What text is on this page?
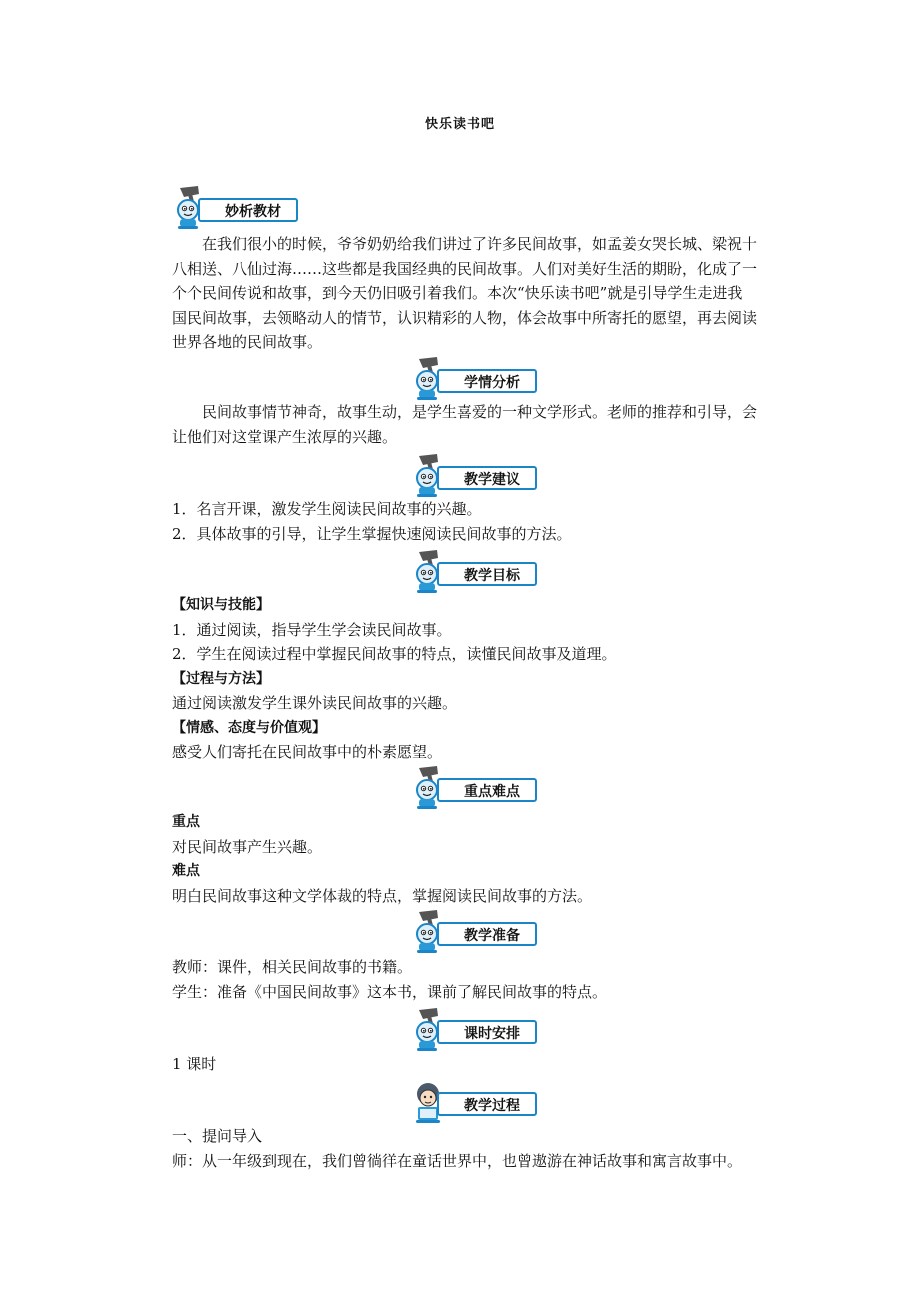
快乐读书吧
妙析教材

在我们很小的时候，爷爷奶奶给我们讲过了许多民间故事，如孟姜女哭长城、梁祝十

八相送、八仙过海……这些都是我国经典的民间故事。人们对美好生活的期盼，化成了一

个个民间传说和故事，到今天仍旧吸引着我们。本次“快乐读书吧”就是引导学生走进我

国民间故事，去领略动人的情节，认识精彩的人物，体会故事中所寄托的愿望，再去阅读

世界各地的民间故事。

学情分析

民间故事情节神奇，故事生动，是学生喜爱的一种文学形式。老师的推荐和引导，会

让他们对这堂课产生浓厚的兴趣。

教学建议

1．名言开课，激发学生阅读民间故事的兴趣。

2．具体故事的引导，让学生掌握快速阅读民间故事的方法。

教学目标

【知识与技能】

1．通过阅读，指导学生学会读民间故事。

2．学生在阅读过程中掌握民间故事的特点，读懂民间故事及道理。

【过程与方法】

通过阅读激发学生课外读民间故事的兴趣。

【情感、态度与价值观】

感受人们寄托在民间故事中的朴素愿望。

重点难点

重点

对民间故事产生兴趣。

难点

明白民间故事这种文学体裁的特点，掌握阅读民间故事的方法。

教学准备

教师：课件，相关民间故事的书籍。

学生：准备《中国民间故事》这本书，课前了解民间故事的特点。

课时安排

1 课时

教学过程

一、提问导入

师：从一年级到现在，我们曾徜徉在童话世界中，也曾遨游在神话故事和寓言故事中。
